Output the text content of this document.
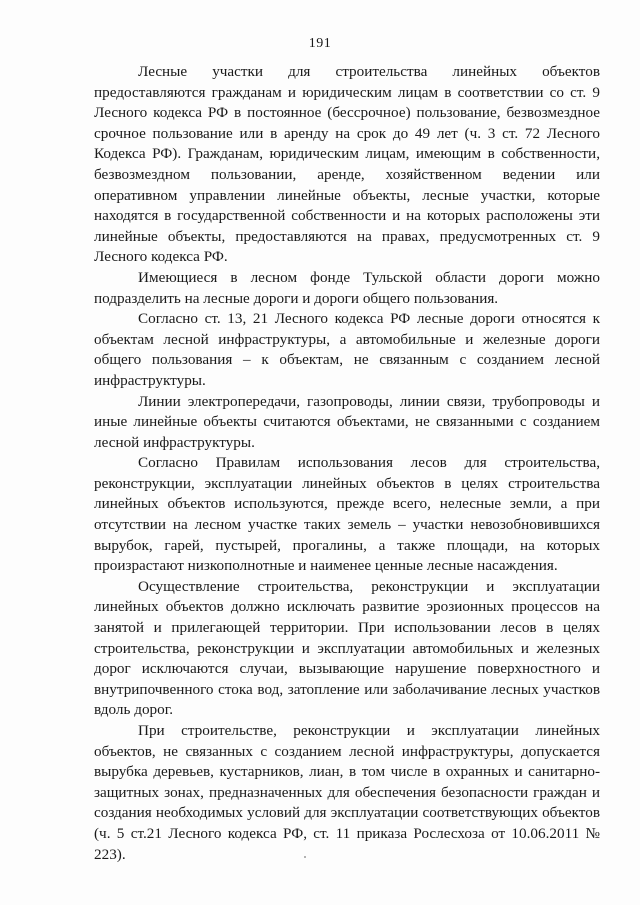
191

Лесные участки для строительства линейных объектов предоставляются гражданам и юридическим лицам в соответствии со ст. 9 Лесного кодекса РФ в постоянное (бессрочное) пользование, безвозмездное срочное пользование или в аренду на срок до 49 лет (ч. 3 ст. 72 Лесного Кодекса РФ). Гражданам, юридическим лицам, имеющим в собственности, безвозмездном пользовании, аренде, хозяйственном ведении или оперативном управлении линейные объекты, лесные участки, которые находятся в государственной собственности и на которых расположены эти линейные объекты, предоставляются на правах, предусмотренных ст. 9 Лесного кодекса РФ.

Имеющиеся в лесном фонде Тульской области дороги можно подразделить на лесные дороги и дороги общего пользования.

Согласно ст. 13, 21 Лесного кодекса РФ лесные дороги относятся к объектам лесной инфраструктуры, а автомобильные и железные дороги общего пользования – к объектам, не связанным с созданием лесной инфраструктуры.

Линии электропередачи, газопроводы, линии связи, трубопроводы и иные линейные объекты считаются объектами, не связанными с созданием лесной инфраструктуры.

Согласно Правилам использования лесов для строительства, реконструкции, эксплуатации линейных объектов в целях строительства линейных объектов используются, прежде всего, нелесные земли, а при отсутствии на лесном участке таких земель – участки невозобновившихся вырубок, гарей, пустырей, прогалины, а также площади, на которых произрастают низкополнотные и наименее ценные лесные насаждения.

Осуществление строительства, реконструкции и эксплуатации линейных объектов должно исключать развитие эрозионных процессов на занятой и прилегающей территории. При использовании лесов в целях строительства, реконструкции и эксплуатации автомобильных и железных дорог исключаются случаи, вызывающие нарушение поверхностного и внутрипочвенного стока вод, затопление или заболачивание лесных участков вдоль дорог.

При строительстве, реконструкции и эксплуатации линейных объектов, не связанных с созданием лесной инфраструктуры, допускается вырубка деревьев, кустарников, лиан, в том числе в охранных и санитарно-защитных зонах, предназначенных для обеспечения безопасности граждан и создания необходимых условий для эксплуатации соответствующих объектов (ч. 5 ст.21 Лесного кодекса РФ, ст. 11 приказа Рослесхоза от 10.06.2011 № 223).
